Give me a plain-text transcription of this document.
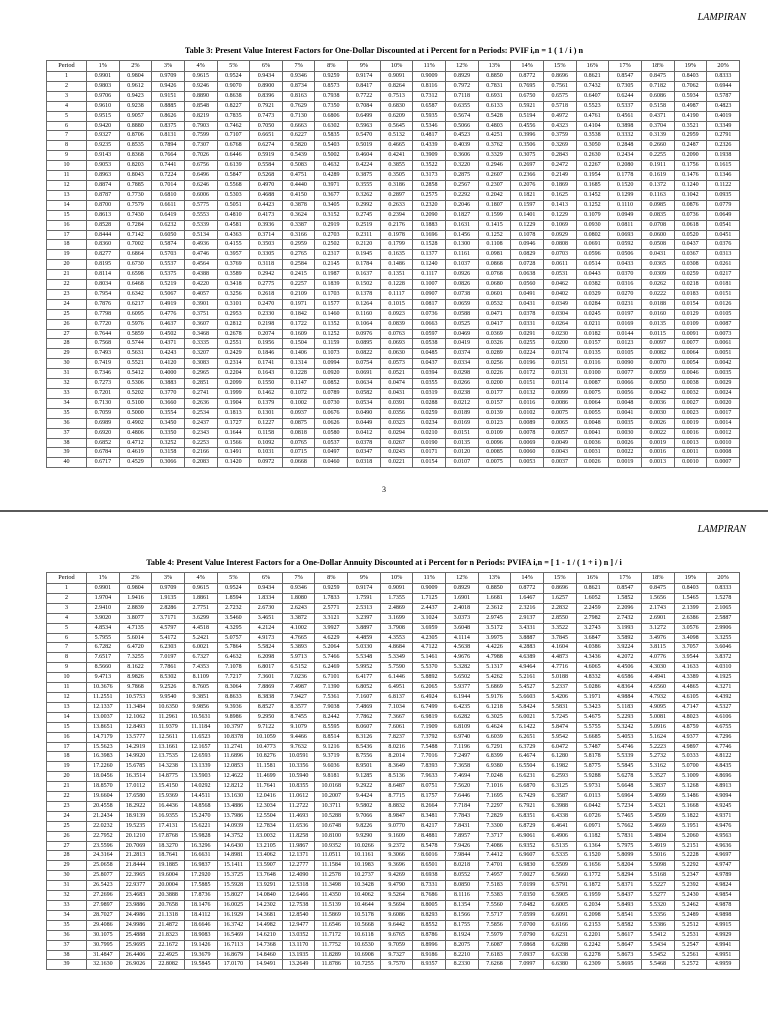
LAMPIRAN
Table 3: Present Value Interest Factors for One-Dollar Discounted at i Percent for n Periods: PVIF i,n = 1 ( 1 / i ) n
Period	1%	2%	3%	4%	5%	6%	7%	8%	9%	10%	11%	12%	13%	14%	15%	16%	17%	18%	19%	20%
1	0.9901	0.9804	0.9709	0.9615	0.9524	0.9434	0.9346	0.9259	0.9174	0.9091	0.9009	0.8929	0.8850	0.8772	0.8696	0.8621	0.8547	0.8475	0.8403	0.8333
2	0.9803	0.9612	0.9426	0.9246	0.9070	0.8900	0.8734	0.8573	0.8417	0.8264	0.8116	0.7972	0.7831	0.7695	0.7561	0.7432	0.7305	0.7182	0.7062	0.6944
3	0.9706	0.9423	0.9151	0.8890	0.8638	0.8396	0.8163	0.7938	0.7722	0.7513	0.7312	0.7118	0.6931	0.6750	0.6575	0.6407	0.6244	0.6086	0.5934	0.5787
4	0.9610	0.9238	0.8885	0.8548	0.8227	0.7921	0.7629	0.7350	0.7084	0.6830	0.6587	0.6355	0.6133	0.5921	0.5718	0.5523	0.5337	0.5158	0.4987	0.4823
5	0.9515	0.9057	0.8626	0.8219	0.7835	0.7473	0.7130	0.6806	0.6499	0.6209	0.5935	0.5674	0.5428	0.5194	0.4972	0.4761	0.4561	0.4371	0.4190	0.4019
6	0.9420	0.8880	0.8375	0.7903	0.7462	0.7050	0.6663	0.6302	0.5963	0.5645	0.5346	0.5066	0.4803	0.4556	0.4323	0.4104	0.3898	0.3704	0.3521	0.3349
7	0.9327	0.8706	0.8131	0.7599	0.7107	0.6651	0.6227	0.5835	0.5470	0.5132	0.4817	0.4523	0.4251	0.3996	0.3759	0.3538	0.3332	0.3139	0.2959	0.2791
8	0.9235	0.8535	0.7894	0.7307	0.6768	0.6274	0.5820	0.5403	0.5019	0.4665	0.4339	0.4039	0.3762	0.3506	0.3269	0.3050	0.2848	0.2660	0.2487	0.2326
9	0.9143	0.8368	0.7664	0.7026	0.6446	0.5919	0.5439	0.5002	0.4604	0.4241	0.3909	0.3606	0.3329	0.3075	0.2843	0.2630	0.2434	0.2255	0.2090	0.1938
10	0.9053	0.8203	0.7441	0.6756	0.6139	0.5584	0.5083	0.4632	0.4224	0.3855	0.3522	0.3220	0.2946	0.2697	0.2472	0.2267	0.2080	0.1911	0.1756	0.1615
11	0.8963	0.8043	0.7224	0.6496	0.5847	0.5268	0.4751	0.4289	0.3875	0.3505	0.3173	0.2875	0.2607	0.2366	0.2149	0.1954	0.1778	0.1619	0.1476	0.1346
12	0.8874	0.7885	0.7014	0.6246	0.5568	0.4970	0.4440	0.3971	0.3555	0.3186	0.2858	0.2567	0.2307	0.2076	0.1869	0.1685	0.1520	0.1372	0.1240	0.1122
13	0.8787	0.7730	0.6810	0.6006	0.5303	0.4688	0.4150	0.3677	0.3262	0.2897	0.2575	0.2292	0.2042	0.1821	0.1625	0.1452	0.1299	0.1163	0.1042	0.0935
14	0.8700	0.7579	0.6611	0.5775	0.5051	0.4423	0.3878	0.3405	0.2992	0.2633	0.2320	0.2046	0.1807	0.1597	0.1413	0.1252	0.1110	0.0985	0.0876	0.0779
15	0.8613	0.7430	0.6419	0.5553	0.4810	0.4173	0.3624	0.3152	0.2745	0.2394	0.2090	0.1827	0.1599	0.1401	0.1229	0.1079	0.0949	0.0835	0.0736	0.0649
16	0.8528	0.7284	0.6232	0.5339	0.4581	0.3936	0.3387	0.2919	0.2519	0.2176	0.1883	0.1631	0.1415	0.1229	0.1069	0.0930	0.0811	0.0708	0.0618	0.0541
17	0.8444	0.7142	0.6050	0.5134	0.4363	0.3714	0.3166	0.2703	0.2311	0.1978	0.1696	0.1456	0.1252	0.1078	0.0929	0.0802	0.0693	0.0600	0.0520	0.0451
18	0.8360	0.7002	0.5874	0.4936	0.4155	0.3503	0.2959	0.2502	0.2120	0.1799	0.1528	0.1300	0.1108	0.0946	0.0808	0.0691	0.0592	0.0508	0.0437	0.0376
19	0.8277	0.6864	0.5703	0.4746	0.3957	0.3305	0.2765	0.2317	0.1945	0.1635	0.1377	0.1161	0.0981	0.0829	0.0703	0.0596	0.0506	0.0431	0.0367	0.0313
20	0.8195	0.6730	0.5537	0.4564	0.3769	0.3118	0.2584	0.2145	0.1784	0.1486	0.1240	0.1037	0.0868	0.0728	0.0611	0.0514	0.0433	0.0365	0.0308	0.0261
21	0.8114	0.6598	0.5375	0.4388	0.3589	0.2942	0.2415	0.1987	0.1637	0.1351	0.1117	0.0926	0.0768	0.0638	0.0531	0.0443	0.0370	0.0309	0.0259	0.0217
22	0.8034	0.6468	0.5219	0.4220	0.3418	0.2775	0.2257	0.1839	0.1502	0.1228	0.1007	0.0826	0.0680	0.0560	0.0462	0.0382	0.0316	0.0262	0.0218	0.0181
23	0.7954	0.6342	0.5067	0.4057	0.3256	0.2618	0.2109	0.1703	0.1378	0.1117	0.0907	0.0738	0.0601	0.0491	0.0402	0.0329	0.0270	0.0222	0.0183	0.0151
24	0.7876	0.6217	0.4919	0.3901	0.3101	0.2470	0.1971	0.1577	0.1264	0.1015	0.0817	0.0659	0.0532	0.0431	0.0349	0.0284	0.0231	0.0188	0.0154	0.0126
25	0.7798	0.6095	0.4776	0.3751	0.2953	0.2330	0.1842	0.1460	0.1160	0.0923	0.0736	0.0588	0.0471	0.0378	0.0304	0.0245	0.0197	0.0160	0.0129	0.0105
26	0.7720	0.5976	0.4637	0.3607	0.2812	0.2198	0.1722	0.1352	0.1064	0.0839	0.0663	0.0525	0.0417	0.0331	0.0264	0.0211	0.0169	0.0135	0.0109	0.0087
27	0.7644	0.5859	0.4502	0.3468	0.2678	0.2074	0.1609	0.1252	0.0976	0.0763	0.0597	0.0469	0.0369	0.0291	0.0230	0.0182	0.0144	0.0115	0.0091	0.0073
28	0.7568	0.5744	0.4371	0.3335	0.2551	0.1956	0.1504	0.1159	0.0895	0.0693	0.0538	0.0419	0.0326	0.0255	0.0200	0.0157	0.0123	0.0097	0.0077	0.0061
29	0.7493	0.5631	0.4243	0.3207	0.2429	0.1846	0.1406	0.1073	0.0822	0.0630	0.0485	0.0374	0.0289	0.0224	0.0174	0.0135	0.0105	0.0082	0.0064	0.0051
30	0.7419	0.5521	0.4120	0.3083	0.2314	0.1741	0.1314	0.0994	0.0754	0.0573	0.0437	0.0334	0.0256	0.0196	0.0151	0.0116	0.0090	0.0070	0.0054	0.0042
31	0.7346	0.5412	0.4000	0.2965	0.2204	0.1643	0.1228	0.0920	0.0691	0.0521	0.0394	0.0298	0.0226	0.0172	0.0131	0.0100	0.0077	0.0059	0.0046	0.0035
32	0.7273	0.5306	0.3883	0.2851	0.2099	0.1550	0.1147	0.0852	0.0634	0.0474	0.0355	0.0266	0.0200	0.0151	0.0114	0.0087	0.0066	0.0050	0.0038	0.0029
33	0.7201	0.5202	0.3770	0.2741	0.1999	0.1462	0.1072	0.0789	0.0582	0.0431	0.0319	0.0238	0.0177	0.0132	0.0099	0.0075	0.0056	0.0042	0.0032	0.0024
34	0.7130	0.5100	0.3660	0.2636	0.1904	0.1379	0.1002	0.0730	0.0534	0.0391	0.0288	0.0212	0.0157	0.0116	0.0086	0.0064	0.0048	0.0036	0.0027	0.0020
35	0.7059	0.5000	0.3554	0.2534	0.1813	0.1301	0.0937	0.0676	0.0490	0.0356	0.0259	0.0189	0.0139	0.0102	0.0075	0.0055	0.0041	0.0030	0.0023	0.0017
36	0.6989	0.4902	0.3450	0.2437	0.1727	0.1227	0.0875	0.0626	0.0449	0.0323	0.0234	0.0169	0.0123	0.0089	0.0065	0.0048	0.0035	0.0026	0.0019	0.0014
37	0.6920	0.4806	0.3350	0.2343	0.1644	0.1158	0.0818	0.0580	0.0412	0.0294	0.0210	0.0151	0.0109	0.0078	0.0057	0.0041	0.0030	0.0022	0.0016	0.0012
38	0.6852	0.4712	0.3252	0.2253	0.1566	0.1092	0.0765	0.0537	0.0378	0.0267	0.0190	0.0135	0.0096	0.0069	0.0049	0.0036	0.0026	0.0019	0.0013	0.0010
39	0.6784	0.4619	0.3158	0.2166	0.1491	0.1031	0.0715	0.0497	0.0347	0.0243	0.0171	0.0120	0.0085	0.0060	0.0043	0.0031	0.0022	0.0016	0.0011	0.0008
40	0.6717	0.4529	0.3066	0.2083	0.1420	0.0972	0.0668	0.0460	0.0318	0.0221	0.0154	0.0107	0.0075	0.0053	0.0037	0.0026	0.0019	0.0013	0.0010	0.0007
3
LAMPIRAN
Table 4: Present Value Interest Factors for a One-Dollar Annuity Discounted at i Percent for n Periods: PVIFA i,n = [ 1 - 1 / ( 1 + i ) n ] / i
Period	1%	2%	3%	4%	5%	6%	7%	8%	9%	10%	11%	12%	13%	14%	15%	16%	17%	18%	19%	20%
1	0.9901	0.9804	0.9709	0.9615	0.9524	0.9434	0.9346	0.9259	0.9174	0.9091	0.9009	0.8929	0.8850	0.8772	0.8696	0.8621	0.8547	0.8475	0.8403	0.8333
2	1.9704	1.9416	1.9135	1.8861	1.8594	1.8334	1.8080	1.7833	1.7591	1.7355	1.7125	1.6901	1.6681	1.6467	1.6257	1.6052	1.5852	1.5656	1.5465	1.5278
3	2.9410	2.8839	2.8286	2.7751	2.7232	2.6730	2.6243	2.5771	2.5313	2.4869	2.4437	2.4018	2.3612	2.3216	2.2832	2.2459	2.2096	2.1743	2.1399	2.1065
4	3.9020	3.8077	3.7171	3.6299	3.5460	3.4651	3.3872	3.3121	3.2397	3.1699	3.1024	3.0373	2.9745	2.9137	2.8550	2.7982	2.7432	2.6901	2.6386	2.5887
5	4.8534	4.7135	4.5797	4.4518	4.3295	4.2124	4.1002	3.9927	3.8897	3.7908	3.6959	3.6048	3.5172	3.4331	3.3522	3.2743	3.1993	3.1272	3.0576	2.9906
6	5.7955	5.6014	5.4172	5.2421	5.0757	4.9173	4.7665	4.6229	4.4859	4.3553	4.2305	4.1114	3.9975	3.8887	3.7845	3.6847	3.5892	3.4976	3.4098	3.3255
7	6.7282	6.4720	6.2303	6.0021	5.7864	5.5824	5.3893	5.2064	5.0330	4.8684	4.7122	4.5638	4.4226	4.2883	4.1604	4.0386	3.9224	3.8115	3.7057	3.6046
8	7.6517	7.3255	7.0197	6.7327	6.4632	6.2098	5.9713	5.7466	5.5348	5.3349	5.1461	4.9676	4.7988	4.6389	4.4873	4.3436	4.2072	4.0776	3.9544	3.8372
9	8.5660	8.1622	7.7861	7.4353	7.1078	6.8017	6.5152	6.2469	5.9952	5.7590	5.5370	5.3282	5.1317	4.9464	4.7716	4.6065	4.4506	4.3030	4.1633	4.0310
10	9.4713	8.9826	8.5302	8.1109	7.7217	7.3601	7.0236	6.7101	6.4177	6.1446	5.8892	5.6502	5.4262	5.2161	5.0188	4.8332	4.6586	4.4941	4.3389	4.1925
11	10.3676	9.7868	9.2526	8.7605	8.3064	7.8869	7.4987	7.1390	6.8052	6.4951	6.2065	5.9377	5.6869	5.4527	5.2337	5.0286	4.8364	4.6560	4.4865	4.3271
12	11.2551	10.5753	9.9540	9.3851	8.8633	8.3838	7.9427	7.5361	7.1607	6.8137	6.4924	6.1944	5.9176	5.6603	5.4206	5.1971	4.9884	4.7932	4.6105	4.4392
13	12.1337	11.3484	10.6350	9.9856	9.3936	8.8527	8.3577	7.9038	7.4869	7.1034	6.7499	6.4235	6.1218	5.8424	5.5831	5.3423	5.1183	4.9095	4.7147	4.5327
14	13.0037	12.1062	11.2961	10.5631	9.8986	9.2950	8.7455	8.2442	7.7862	7.3667	6.9819	6.6282	6.3025	6.0021	5.7245	5.4675	5.2293	5.0081	4.8023	4.6106
15	13.8651	12.8493	11.9379	11.1184	10.3797	9.7122	9.1079	8.5595	8.0607	7.6061	7.1909	6.8109	6.4624	6.1422	5.8474	5.5755	5.3242	5.0916	4.8759	4.6755
16	14.7179	13.5777	12.5611	11.6523	10.8378	10.1059	9.4466	8.8514	8.3126	7.8237	7.3792	6.9740	6.6039	6.2651	5.9542	5.6685	5.4053	5.1624	4.9377	4.7296
17	15.5623	14.2919	13.1661	12.1657	11.2741	10.4773	9.7632	9.1216	8.5436	8.0216	7.5488	7.1196	6.7291	6.3729	6.0472	5.7487	5.4746	5.2223	4.9897	4.7746
18	16.3983	14.9920	13.7535	12.6593	11.6896	10.8276	10.0591	9.3719	8.7556	8.2014	7.7016	7.2497	6.8399	6.4674	6.1280	5.8178	5.5339	5.2732	5.0333	4.8122
19	17.2260	15.6785	14.3238	13.1339	12.0853	11.1581	10.3356	9.6036	8.9501	8.3649	7.8393	7.3658	6.9380	6.5504	6.1982	5.8775	5.5845	5.3162	5.0700	4.8435
20	18.0456	16.3514	14.8775	13.5903	12.4622	11.4699	10.5940	9.8181	9.1285	8.5136	7.9633	7.4694	7.0248	6.6231	6.2593	5.9288	5.6278	5.3527	5.1009	4.8696
21	18.8570	17.0112	15.4150	14.0292	12.8212	11.7641	10.8355	10.0168	9.2922	8.6487	8.0751	7.5620	7.1016	6.6870	6.3125	5.9731	5.6648	5.3837	5.1268	4.8913
22	19.6604	17.6580	15.9369	14.4511	13.1630	12.0416	11.0612	10.2007	9.4424	8.7715	8.1757	7.6446	7.1695	6.7429	6.3587	6.0113	5.6964	5.4099	5.1486	4.9094
23	20.4558	18.2922	16.4436	14.8568	13.4886	12.3034	11.2722	10.3711	9.5802	8.8832	8.2664	7.7184	7.2297	6.7921	6.3988	6.0442	5.7234	5.4321	5.1668	4.9245
24	21.2434	18.9139	16.9355	15.2470	13.7986	12.5504	11.4693	10.5288	9.7066	8.9847	8.3481	7.7843	7.2829	6.8351	6.4338	6.0726	5.7465	5.4509	5.1822	4.9371
25	22.0232	19.5235	17.4131	15.6221	14.0939	12.7834	11.6536	10.6748	9.8226	9.0770	8.4217	7.8431	7.3300	6.8729	6.4641	6.0971	5.7662	5.4669	5.1951	4.9476
26	22.7952	20.1210	17.8768	15.9828	14.3752	13.0032	11.8258	10.8100	9.9290	9.1609	8.4881	7.8957	7.3717	6.9061	6.4906	6.1182	5.7831	5.4804	5.2060	4.9563
27	23.5596	20.7069	18.3270	16.3296	14.6430	13.2105	11.9867	10.9352	10.0266	9.2372	8.5478	7.9426	7.4086	6.9352	6.5135	6.1364	5.7975	5.4919	5.2151	4.9636
28	24.3164	21.2813	18.7641	16.6631	14.8981	13.4062	12.1371	11.0511	10.1161	9.3066	8.6016	7.9844	7.4412	6.9607	6.5335	6.1520	5.8099	5.5016	5.2228	4.9697
29	25.0658	21.8444	19.1885	16.9837	15.1411	13.5907	12.2777	11.1584	10.1983	9.3696	8.6501	8.0218	7.4701	6.9830	6.5509	6.1656	5.8204	5.5098	5.2292	4.9747
30	25.8077	22.3965	19.6004	17.2920	15.3725	13.7648	12.4090	11.2578	10.2737	9.4269	8.6938	8.0552	7.4957	7.0027	6.5660	6.1772	5.8294	5.5168	5.2347	4.9789
31	26.5423	22.9377	20.0004	17.5885	15.5928	13.9291	12.5318	11.3498	10.3428	9.4790	8.7331	8.0850	7.5183	7.0199	6.5791	6.1872	5.8371	5.5227	5.2392	4.9824
32	27.2696	23.4683	20.3888	17.8736	15.8027	14.0840	12.6466	11.4350	10.4062	9.5264	8.7686	8.1116	7.5383	7.0350	6.5905	6.1959	5.8437	5.5277	5.2430	4.9854
33	27.9897	23.9886	20.7658	18.1476	16.0025	14.2302	12.7538	11.5139	10.4644	9.5694	8.8005	8.1354	7.5560	7.0482	6.6005	6.2034	5.8493	5.5320	5.2462	4.9878
34	28.7027	24.4986	21.1318	18.4112	16.1929	14.3681	12.8540	11.5869	10.5178	9.6086	8.8293	8.1566	7.5717	7.0599	6.6091	6.2098	5.8541	5.5356	5.2489	4.9898
35	29.4086	24.9986	21.4872	18.6646	16.3742	14.4982	12.9477	11.6546	10.5668	9.6442	8.8552	8.1755	7.5856	7.0700	6.6166	6.2153	5.8582	5.5386	5.2512	4.9915
36	30.1075	25.4888	21.8323	18.9083	16.5469	14.6210	13.0352	11.7172	10.6118	9.6765	8.8786	8.1924	7.5979	7.0790	6.6231	6.2201	5.8617	5.5412	5.2531	4.9929
37	30.7995	25.9695	22.1672	19.1426	16.7113	14.7368	13.1170	11.7752	10.6530	9.7059	8.8996	8.2075	7.6087	7.0868	6.6288	6.2242	5.8647	5.5434	5.2547	4.9941
38	31.4847	26.4406	22.4925	19.3679	16.8679	14.8460	13.1935	11.8289	10.6908	9.7327	8.9186	8.2210	7.6183	7.0937	6.6338	6.2278	5.8673	5.5452	5.2561	4.9951
39	32.1630	26.9026	22.8082	19.5845	17.0170	14.9491	13.2649	11.8786	10.7255	9.7570	8.9357	8.2330	7.6268	7.0997	6.6380	6.2309	5.8695	5.5468	5.2572	4.9959
